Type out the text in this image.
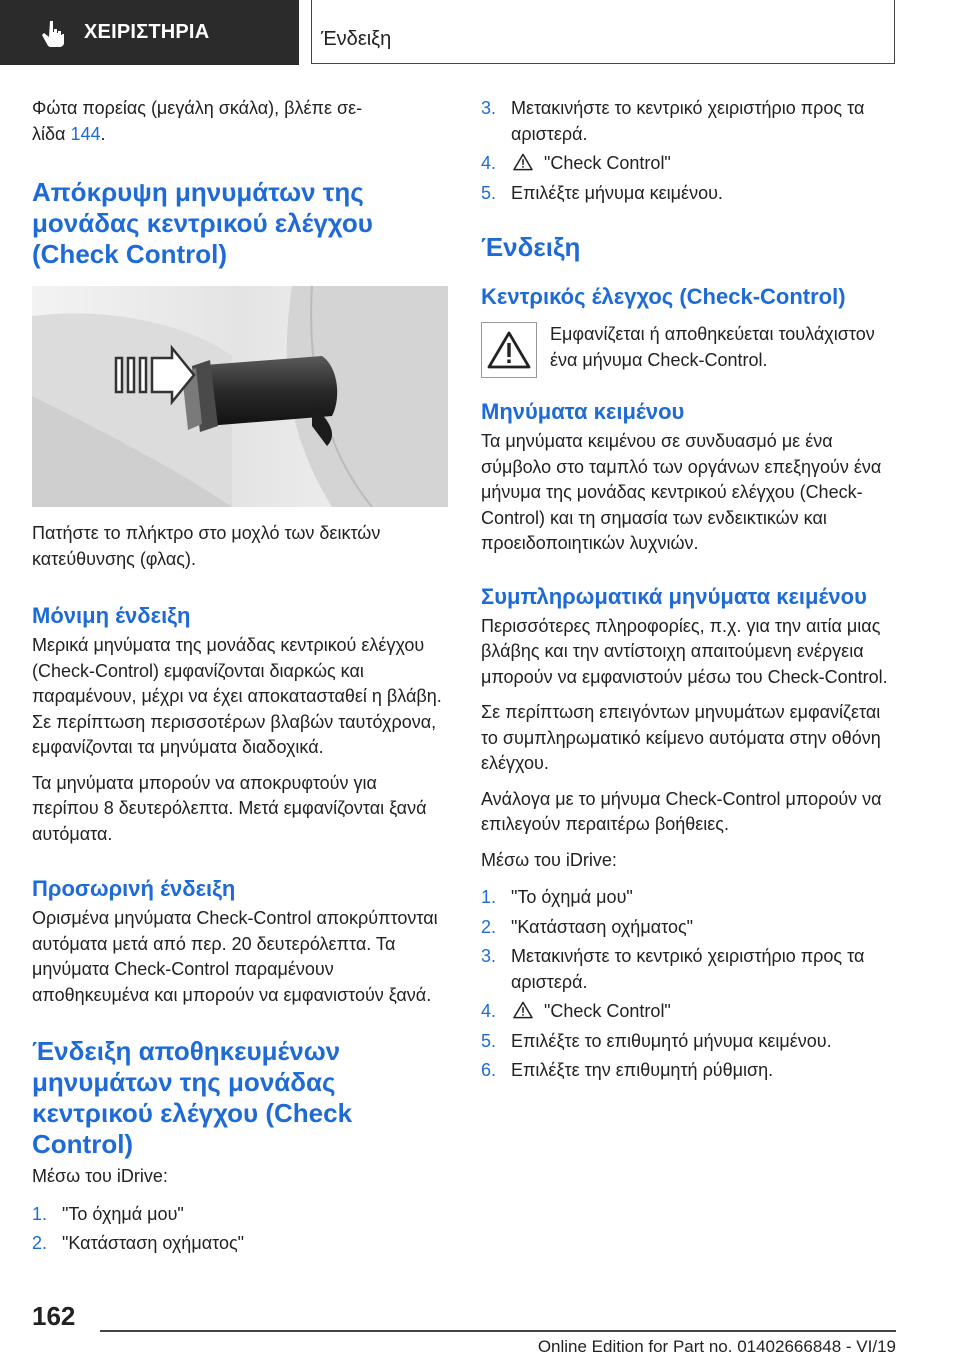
ΧΕΙΡΙΣΤΗΡΙΑ	Ένδειξη

Φώτα πορείας (μεγάλη σκάλα), βλέπε σε-
λίδα 144.

Απόκρυψη μηνυμάτων της μονάδας κεντρικού ελέγχου (Check Control)

Πατήστε το πλήκτρο στο μοχλό των δεικτών κατεύθυνσης (φλας).

Μόνιμη ένδειξη

Μερικά μηνύματα της μονάδας κεντρικού ελέγχου (Check-Control) εμφανίζονται διαρκώς και παραμένουν, μέχρι να έχει αποκατασταθεί η βλάβη. Σε περίπτωση περισσοτέρων βλαβών ταυτόχρονα, εμφανίζονται τα μηνύματα διαδοχικά.

Τα μηνύματα μπορούν να αποκρυφτούν για περίπου 8 δευτερόλεπτα. Μετά εμφανίζονται ξανά αυτόματα.

Προσωρινή ένδειξη

Ορισμένα μηνύματα Check-Control αποκρύπτονται αυτόματα μετά από περ. 20 δευτερόλεπτα. Τα μηνύματα Check-Control παραμένουν αποθηκευμένα και μπορούν να εμφανιστούν ξανά.

Ένδειξη αποθηκευμένων μηνυμάτων της μονάδας κεντρικού ελέγχου (Check Control)

Μέσω του iDrive:

1. "Το όχημά μου"
2. "Κατάσταση οχήματος"
3. Μετακινήστε το κεντρικό χειριστήριο προς τα αριστερά.
4.	"Check Control"
5. Επιλέξτε μήνυμα κειμένου.
Ένδειξη
Κεντρικός έλεγχος (Check-Control)

Εμφανίζεται ή αποθηκεύεται τουλάχιστον ένα μήνυμα Check-Control.

Μηνύματα κειμένου

Τα μηνύματα κειμένου σε συνδυασμό με ένα σύμβολο στο ταμπλό των οργάνων επεξηγούν ένα μήνυμα της μονάδας κεντρικού ελέγχου (Check-Control) και τη σημασία των ενδεικτικών και προειδοποιητικών λυχνιών.

Συμπληρωματικά μηνύματα κειμένου

Περισσότερες πληροφορίες, π.χ. για την αιτία μιας βλάβης και την αντίστοιχη απαιτούμενη ενέργεια μπορούν να εμφανιστούν μέσω του Check-Control.

Σε περίπτωση επειγόντων μηνυμάτων εμφανίζεται το συμπληρωματικό κείμενο αυτόματα στην οθόνη ελέγχου.

Ανάλογα με το μήνυμα Check-Control μπορούν να επιλεγούν περαιτέρω βοήθειες.

Μέσω του iDrive:

1. "Το όχημά μου"
2. "Κατάσταση οχήματος"
3. Μετακινήστε το κεντρικό χειριστήριο προς τα αριστερά.
4.	"Check Control"
5. Επιλέξτε το επιθυμητό μήνυμα κειμένου.
6. Επιλέξτε την επιθυμητή ρύθμιση.
162
Online Edition for Part no. 01402666848 - VI/19
